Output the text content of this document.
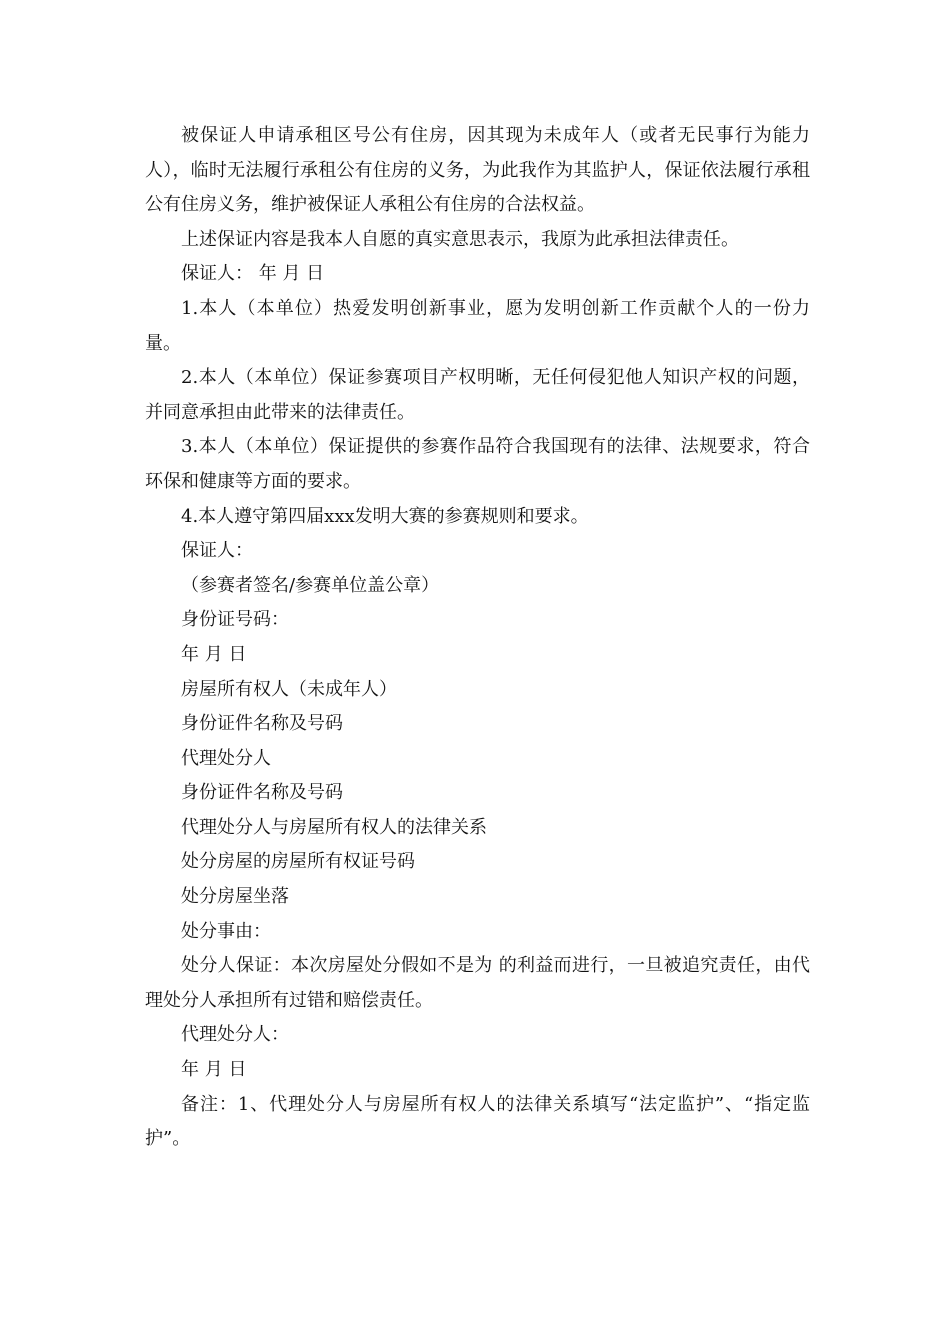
被保证人申请承租区号公有住房，因其现为未成年人（或者无民事行为能力人），临时无法履行承租公有住房的义务，为此我作为其监护人，保证依法履行承租公有住房义务，维护被保证人承租公有住房的合法权益。

上述保证内容是我本人自愿的真实意思表示，我原为此承担法律责任。

保证人： 年 月 日

1.本人（本单位）热爱发明创新事业，愿为发明创新工作贡献个人的一份力量。

2.本人（本单位）保证参赛项目产权明晰，无任何侵犯他人知识产权的问题，并同意承担由此带来的法律责任。

3.本人（本单位）保证提供的参赛作品符合我国现有的法律、法规要求，符合环保和健康等方面的要求。

4.本人遵守第四届xxx发明大赛的参赛规则和要求。

保证人：

（参赛者签名/参赛单位盖公章）

身份证号码：

年 月 日

房屋所有权人（未成年人）

身份证件名称及号码

代理处分人

身份证件名称及号码

代理处分人与房屋所有权人的法律关系

处分房屋的房屋所有权证号码

处分房屋坐落

处分事由：

处分人保证：本次房屋处分假如不是为 的利益而进行，一旦被追究责任，由代理处分人承担所有过错和赔偿责任。

代理处分人：

年 月 日

备注：1、代理处分人与房屋所有权人的法律关系填写“法定监护”、“指定监护”。
